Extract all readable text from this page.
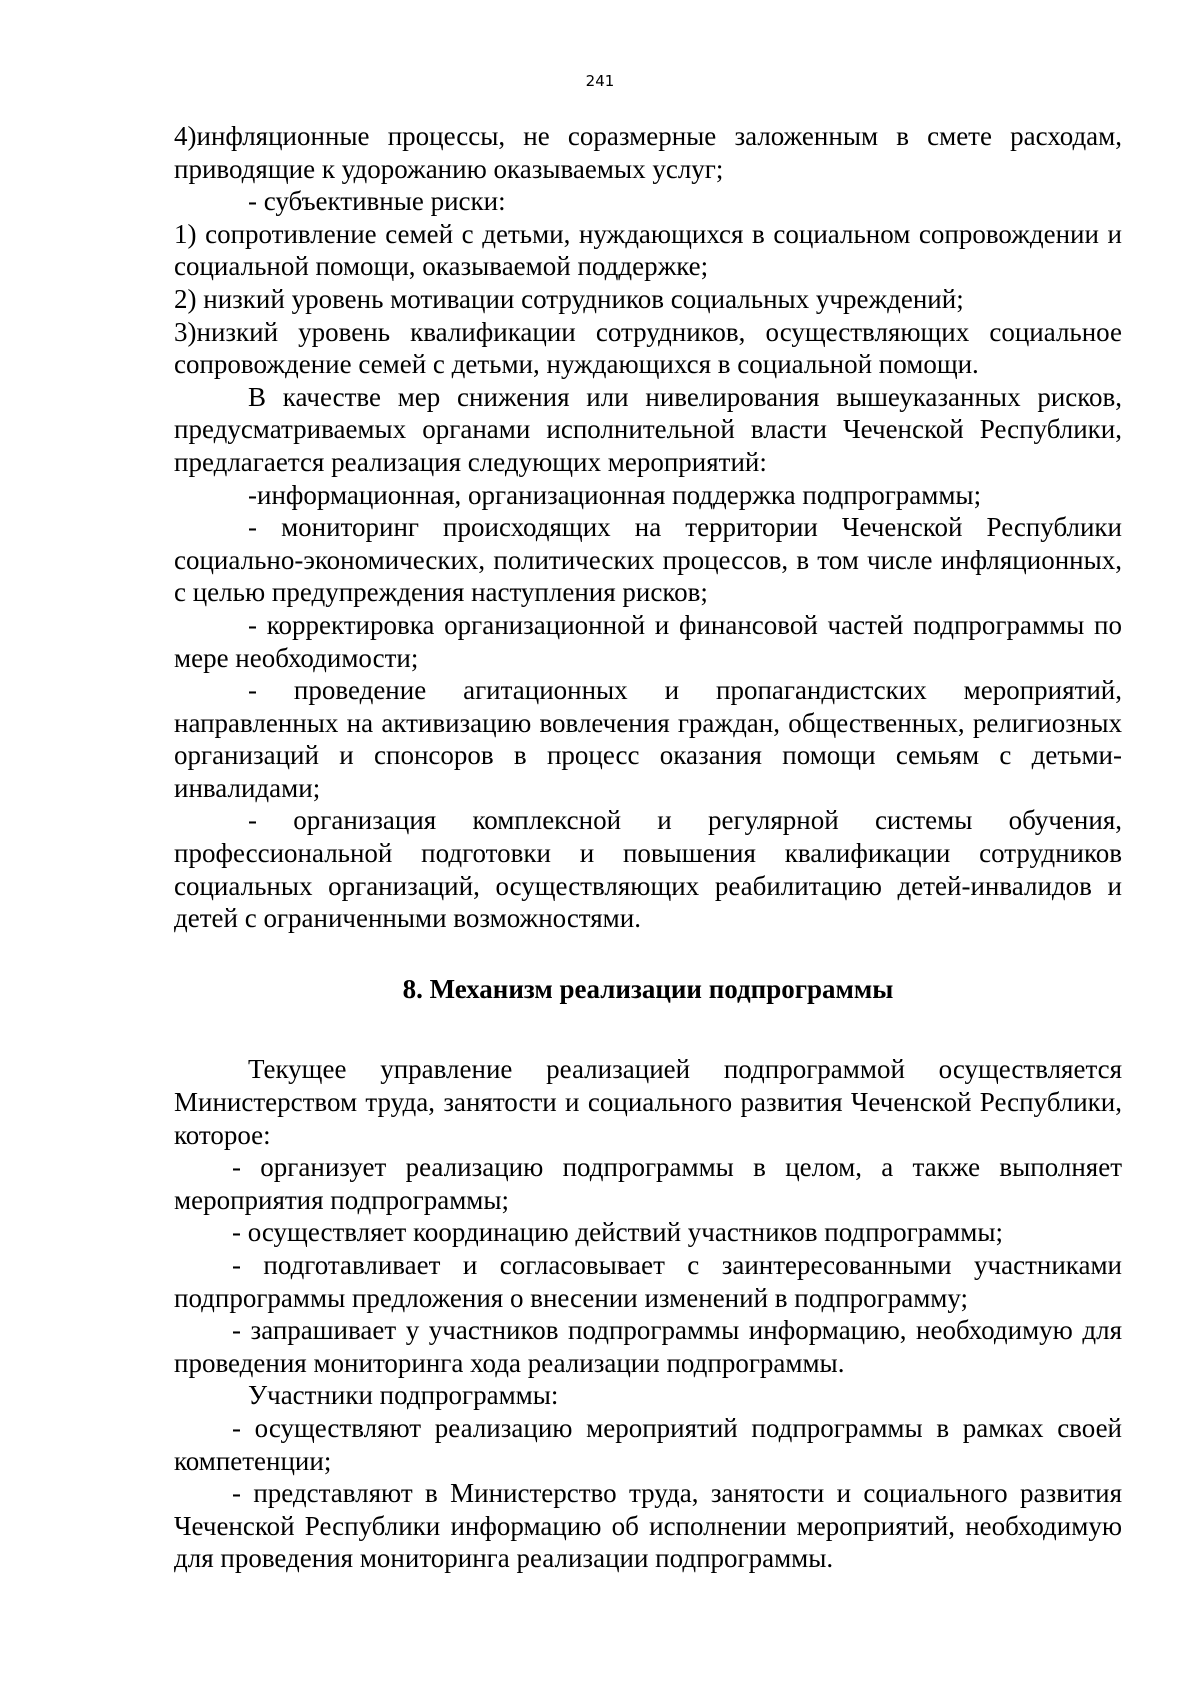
241

4)инфляционные процессы, не соразмерные заложенным в смете расходам, приводящие к удорожанию оказываемых услуг;

- субъективные риски:

1) сопротивление семей с детьми, нуждающихся в социальном сопровождении и социальной помощи, оказываемой поддержке;

2) низкий уровень мотивации сотрудников социальных учреждений;

3)низкий уровень квалификации сотрудников, осуществляющих социальное сопровождение семей с детьми, нуждающихся в социальной помощи.

В качестве мер снижения или нивелирования вышеуказанных рисков, предусматриваемых органами исполнительной власти Чеченской Республики, предлагается реализация следующих мероприятий:

-информационная, организационная поддержка подпрограммы;

- мониторинг происходящих на территории Чеченской Республики социально-экономических, политических процессов, в том числе инфляционных, с целью предупреждения наступления рисков;

- корректировка организационной и финансовой частей подпрограммы по мере необходимости;

- проведение агитационных и пропагандистских мероприятий, направленных на активизацию вовлечения граждан, общественных, религиозных организаций и спонсоров в процесс оказания помощи семьям с детьми-инвалидами;

- организация комплексной и регулярной системы обучения, профессиональной подготовки и повышения квалификации сотрудников социальных организаций, осуществляющих реабилитацию детей-инвалидов и детей с ограниченными возможностями.

8. Механизм реализации подпрограммы

Текущее управление реализацией подпрограммой осуществляется Министерством труда, занятости и социального развития Чеченской Республики, которое:

- организует реализацию подпрограммы в целом, а также выполняет мероприятия подпрограммы;

- осуществляет координацию действий участников подпрограммы;

- подготавливает и согласовывает с заинтересованными участниками подпрограммы предложения о внесении изменений в подпрограмму;

- запрашивает у участников подпрограммы информацию, необходимую для проведения мониторинга хода реализации подпрограммы.

Участники подпрограммы:

- осуществляют реализацию мероприятий подпрограммы в рамках своей компетенции;

- представляют в Министерство труда, занятости и социального развития Чеченской Республики информацию об исполнении мероприятий, необходимую для проведения мониторинга реализации подпрограммы.
